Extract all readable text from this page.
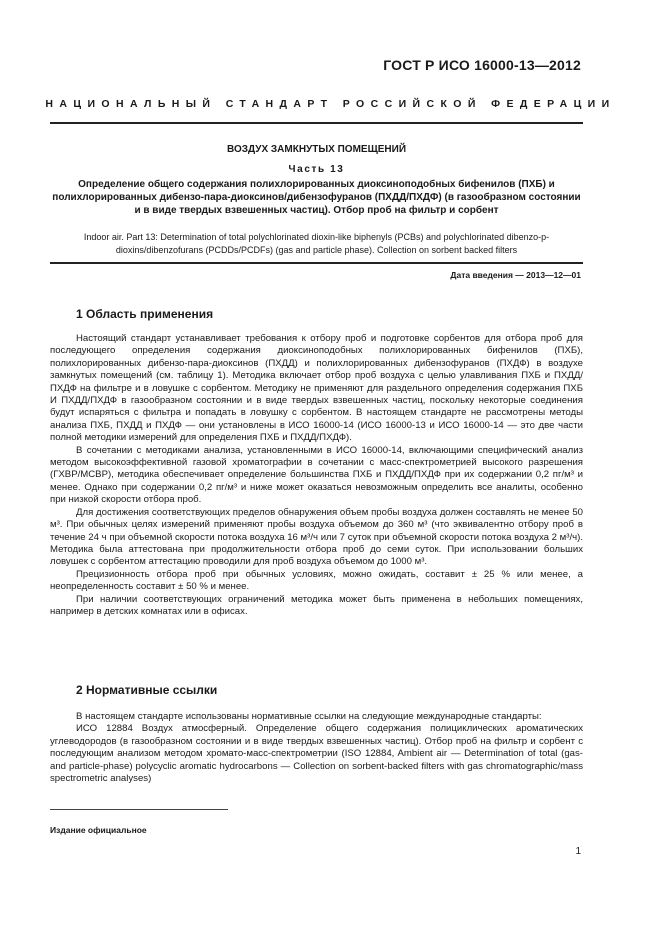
ГОСТ Р ИСО 16000-13—2012
НАЦИОНАЛЬНЫЙ СТАНДАРТ РОССИЙСКОЙ ФЕДЕРАЦИИ
ВОЗДУХ ЗАМКНУТЫХ ПОМЕЩЕНИЙ
Часть 13
Определение общего содержания полихлорированных диоксиноподобных бифенилов (ПХБ) и полихлорированных дибензо-пара-диоксинов/дибензофуранов (ПХДД/ПХДФ) (в газообразном состоянии и в виде твердых взвешенных частиц). Отбор проб на фильтр и сорбент
Indoor air. Part 13: Determination of total polychlorinated dioxin-like biphenyls (PCBs) and polychlorinated dibenzo-p-dioxins/dibenzofurans (PCDDs/PCDFs) (gas and particle phase). Collection on sorbent backed filters
Дата введения — 2013—12—01
1 Область применения

Настоящий стандарт устанавливает требования к отбору проб и подготовке сорбентов для отбора проб для последующего определения содержания диоксиноподобных полихлорированных бифенилов (ПХБ), полихлорированных дибензо-пара-диоксинов (ПХДД) и полихлорированных дибензофуранов (ПХДФ) в воздухе замкнутых помещений (см. таблицу 1). Методика включает отбор проб воздуха с целью улавливания ПХБ и ПХДД/ПХДФ на фильтре и в ловушке с сорбентом. Методику не применяют для раздельного определения содержания ПХБ И ПХДД/ПХДФ в газообразном состоянии и в виде твердых взвешенных частиц, поскольку некоторые соединения будут испаряться с фильтра и попадать в ловушку с сорбентом. В настоящем стандарте не рассмотрены методы анализа ПХБ, ПХДД и ПХДФ — они установлены в ИСО 16000-14 (ИСО 16000-13 и ИСО 16000-14 — это две части полной методики измерений для определения ПХБ и ПХДД/ПХДФ).

В сочетании с методиками анализа, установленными в ИСО 16000-14, включающими специфический анализ методом высокоэффективной газовой хроматографии в сочетании с масс-спектрометрией высокого разрешения (ГХВР/МСВР), методика обеспечивает определение большинства ПХБ и ПХДД/ПХДФ при их содержании 0,2 пг/м³ и менее. Однако при содержании 0,2 пг/м³ и ниже может оказаться невозможным определить все аналиты, особенно при низкой скорости отбора проб.

Для достижения соответствующих пределов обнаружения объем пробы воздуха должен составлять не менее 50 м³. При обычных целях измерений применяют пробы воздуха объемом до 360 м³ (что эквивалентно отбору проб в течение 24 ч при объемной скорости потока воздуха 16 м³/ч или 7 суток при объемной скорости потока воздуха 2 м³/ч). Методика была аттестована при продолжительности отбора проб до семи суток. При использовании больших ловушек с сорбентом аттестацию проводили для проб воздуха объемом до 1000 м³.

Прецизионность отбора проб при обычных условиях, можно ожидать, составит ± 25 % или менее, а неопределенность составит ± 50 % и менее.

При наличии соответствующих ограничений методика может быть применена в небольших помещениях, например в детских комнатах или в офисах.

2 Нормативные ссылки

В настоящем стандарте использованы нормативные ссылки на следующие международные стандарты:

ИСО 12884 Воздух атмосферный. Определение общего содержания полициклических ароматических углеводородов (в газообразном состоянии и в виде твердых взвешенных частиц). Отбор проб на фильтр и сорбент с последующим анализом методом хромато-масс-спектрометрии (ISO 12884, Ambient air — Determination of total (gas- and particle-phase) polycyclic aromatic hydrocarbons — Collection on sorbent-backed filters with gas chromatographic/mass spectrometric analyses)

Издание официальное
1
